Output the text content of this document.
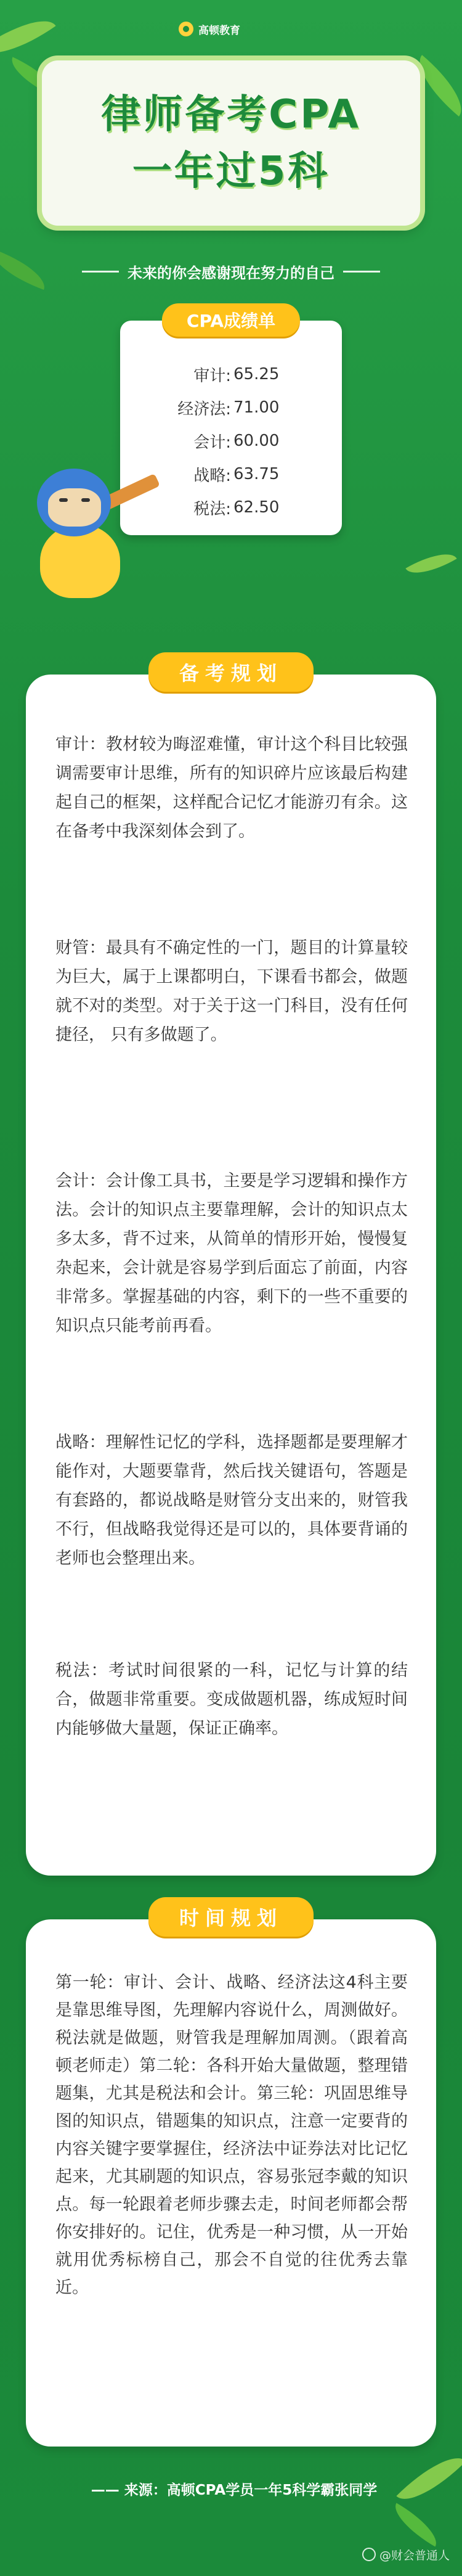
高顿教育
律师备考CPA
一年过5科
未来的你会感谢现在努力的自己
CPA成绩单
审计: 65.25
经济法: 71.00
会计: 60.00
战略: 63.75
税法: 62.50
备考规划
审计：教材较为晦涩难懂，审计这个科目比较强调需要审计思维，所有的知识碎片应该最后构建起自己的框架，这样配合记忆才能游刃有余。这在备考中我深刻体会到了。
财管：最具有不确定性的一门，题目的计算量较为巨大，属于上课都明白，下课看书都会，做题就不对的类型。对于关于这一门科目，没有任何捷径， 只有多做题了。
会计：会计像工具书，主要是学习逻辑和操作方法。会计的知识点主要靠理解，会计的知识点太多太多，背不过来，从简单的情形开始，慢慢复杂起来，会计就是容易学到后面忘了前面，内容非常多。掌握基础的内容，剩下的一些不重要的知识点只能考前再看。
战略：理解性记忆的学科，选择题都是要理解才能作对，大题要靠背，然后找关键语句，答题是有套路的，都说战略是财管分支出来的，财管我不行，但战略我觉得还是可以的，具体要背诵的老师也会整理出来。
税法：考试时间很紧的一科，记忆与计算的结合，做题非常重要。变成做题机器，练成短时间内能够做大量题，保证正确率。
时间规划
第一轮：审计、会计、战略、经济法这4科主要是靠思维导图，先理解内容说什么，周测做好。税法就是做题，财管我是理解加周测。（跟着高顿老师走）第二轮：各科开始大量做题，整理错题集，尤其是税法和会计。第三轮：巩固思维导图的知识点，错题集的知识点，注意一定要背的内容关键字要掌握住，经济法中证券法对比记忆起来，尤其刷题的知识点，容易张冠李戴的知识点。每一轮跟着老师步骤去走，时间老师都会帮你安排好的。记住，优秀是一种习惯，从一开始就用优秀标榜自己，那会不自觉的往优秀去靠近。
—— 来源：高顿CPA学员一年5科学霸张同学
@财会普通人
